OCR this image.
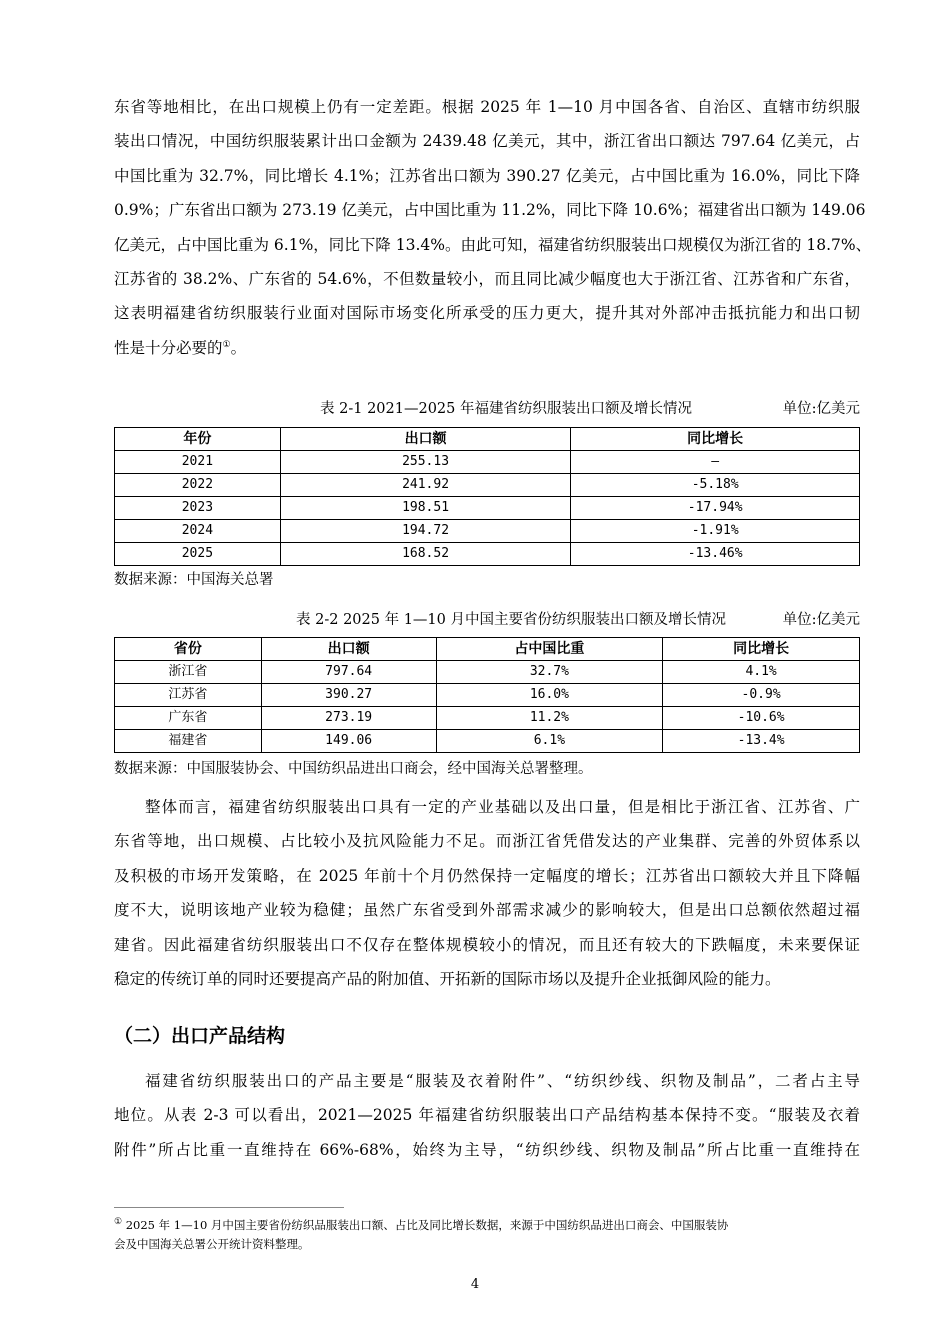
东省等地相比，在出口规模上仍有一定差距。根据 2025 年 1—10 月中国各省、自治区、直辖市纺织服
装出口情况，中国纺织服装累计出口金额为 2439.48 亿美元，其中，浙江省出口额达 797.64 亿美元，占
中国比重为 32.7%，同比增长 4.1%；江苏省出口额为 390.27 亿美元，占中国比重为 16.0%，同比下降
0.9%；广东省出口额为 273.19 亿美元，占中国比重为 11.2%，同比下降 10.6%；福建省出口额为 149.06
亿美元，占中国比重为 6.1%，同比下降 13.4%。由此可知，福建省纺织服装出口规模仅为浙江省的 18.7%、
江苏省的 38.2%、广东省的 54.6%，不但数量较小，而且同比减少幅度也大于浙江省、江苏省和广东省，
这表明福建省纺织服装行业面对国际市场变化所承受的压力更大，提升其对外部冲击抵抗能力和出口韧
性是十分必要的①。
表 2-1 2021—2025 年福建省纺织服装出口额及增长情况	单位:亿美元
年份	出口额	同比增长
2021	255.13	—
2022	241.92	-5.18%
2023	198.51	-17.94%
2024	194.72	-1.91%
2025	168.52	-13.46%
数据来源：中国海关总署
表 2-2 2025 年 1—10 月中国主要省份纺织服装出口额及增长情况	单位:亿美元
省份	出口额	占中国比重	同比增长
浙江省	797.64	32.7%	4.1%
江苏省	390.27	16.0%	-0.9%
广东省	273.19	11.2%	-10.6%
福建省	149.06	6.1%	-13.4%
数据来源：中国服装协会、中国纺织品进出口商会，经中国海关总署整理。
整体而言，福建省纺织服装出口具有一定的产业基础以及出口量，但是相比于浙江省、江苏省、广
东省等地，出口规模、占比较小及抗风险能力不足。而浙江省凭借发达的产业集群、完善的外贸体系以
及积极的市场开发策略，在 2025 年前十个月仍然保持一定幅度的增长；江苏省出口额较大并且下降幅
度不大，说明该地产业较为稳健；虽然广东省受到外部需求减少的影响较大，但是出口总额依然超过福
建省。因此福建省纺织服装出口不仅存在整体规模较小的情况，而且还有较大的下跌幅度，未来要保证
稳定的传统订单的同时还要提高产品的附加值、开拓新的国际市场以及提升企业抵御风险的能力。
（二）出口产品结构
福建省纺织服装出口的产品主要是“服装及衣着附件”、“纺织纱线、织物及制品”，二者占主导
地位。从表 2-3 可以看出，2021—2025 年福建省纺织服装出口产品结构基本保持不变。“服装及衣着
附件”所占比重一直维持在 66%-68%，始终为主导，“纺织纱线、织物及制品”所占比重一直维持在
① 2025 年 1—10 月中国主要省份纺织品服装出口额、占比及同比增长数据，来源于中国纺织品进出口商会、中国服装协
会及中国海关总署公开统计资料整理。
4
